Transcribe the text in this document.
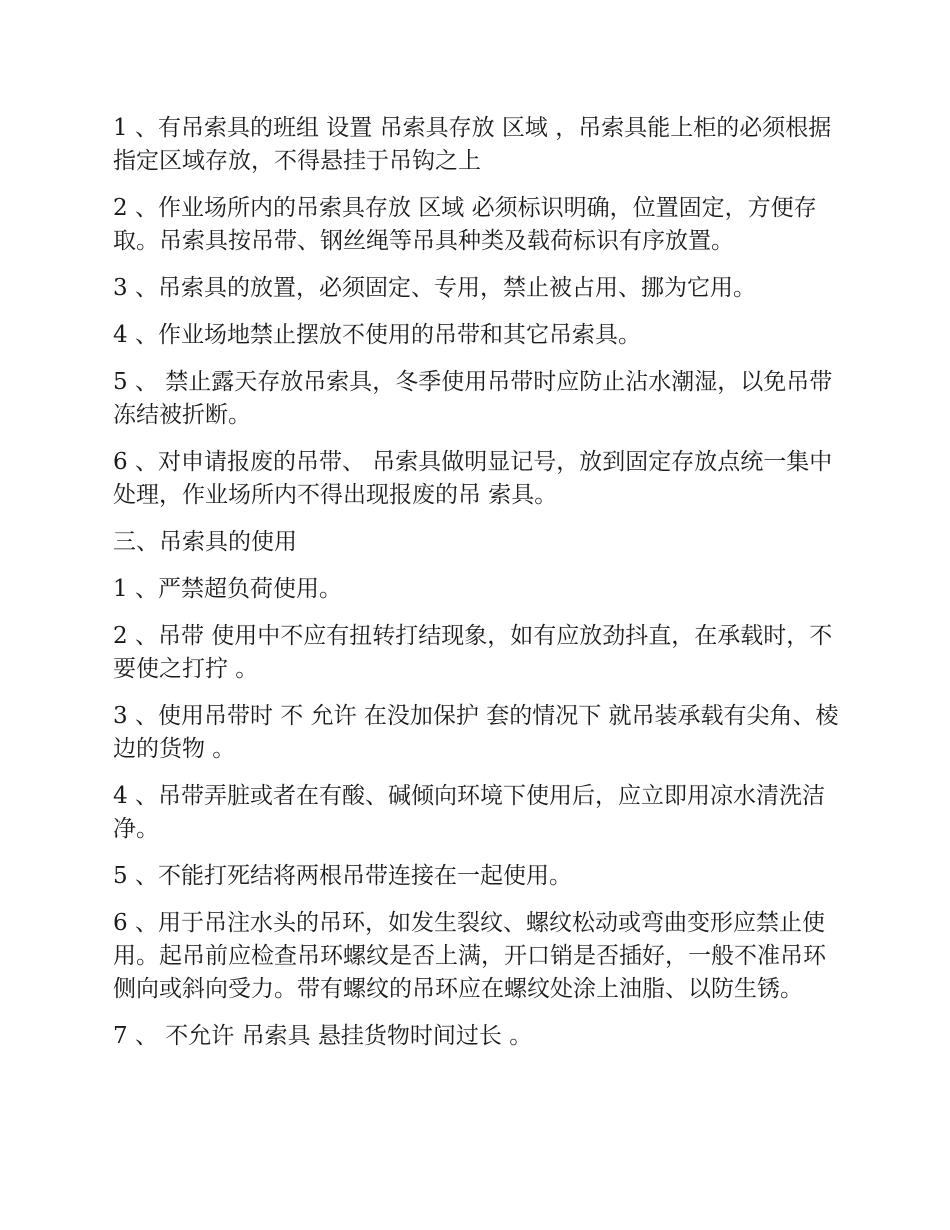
1 、有吊索具的班组 设置 吊索具存放 区域 ，吊索具能上柜的必须根据指定区域存放，不得悬挂于吊钩之上

2 、作业场所内的吊索具存放 区域 必须标识明确，位置固定，方便存取。吊索具按吊带、钢丝绳等吊具种类及载荷标识有序放置。

3 、吊索具的放置，必须固定、专用，禁止被占用、挪为它用。

4 、作业场地禁止摆放不使用的吊带和其它吊索具。

5 、 禁止露天存放吊索具，冬季使用吊带时应防止沾水潮湿，以免吊带冻结被折断。

6 、对申请报废的吊带、 吊索具做明显记号，放到固定存放点统一集中处理，作业场所内不得出现报废的吊 索具。

三、吊索具的使用

1 、严禁超负荷使用。

2 、吊带 使用中不应有扭转打结现象，如有应放劲抖直，在承载时，不要使之打拧 。

3 、使用吊带时 不 允许 在没加保护 套的情况下 就吊装承载有尖角、棱边的货物 。

4 、吊带弄脏或者在有酸、碱倾向环境下使用后，应立即用凉水清洗洁净。

5 、不能打死结将两根吊带连接在一起使用。

6 、用于吊注水头的吊环，如发生裂纹、螺纹松动或弯曲变形应禁止使用。起吊前应检查吊环螺纹是否上满，开口销是否插好，一般不准吊环侧向或斜向受力。带有螺纹的吊环应在螺纹处涂上油脂、以防生锈。

7 、 不允许 吊索具 悬挂货物时间过长 。
